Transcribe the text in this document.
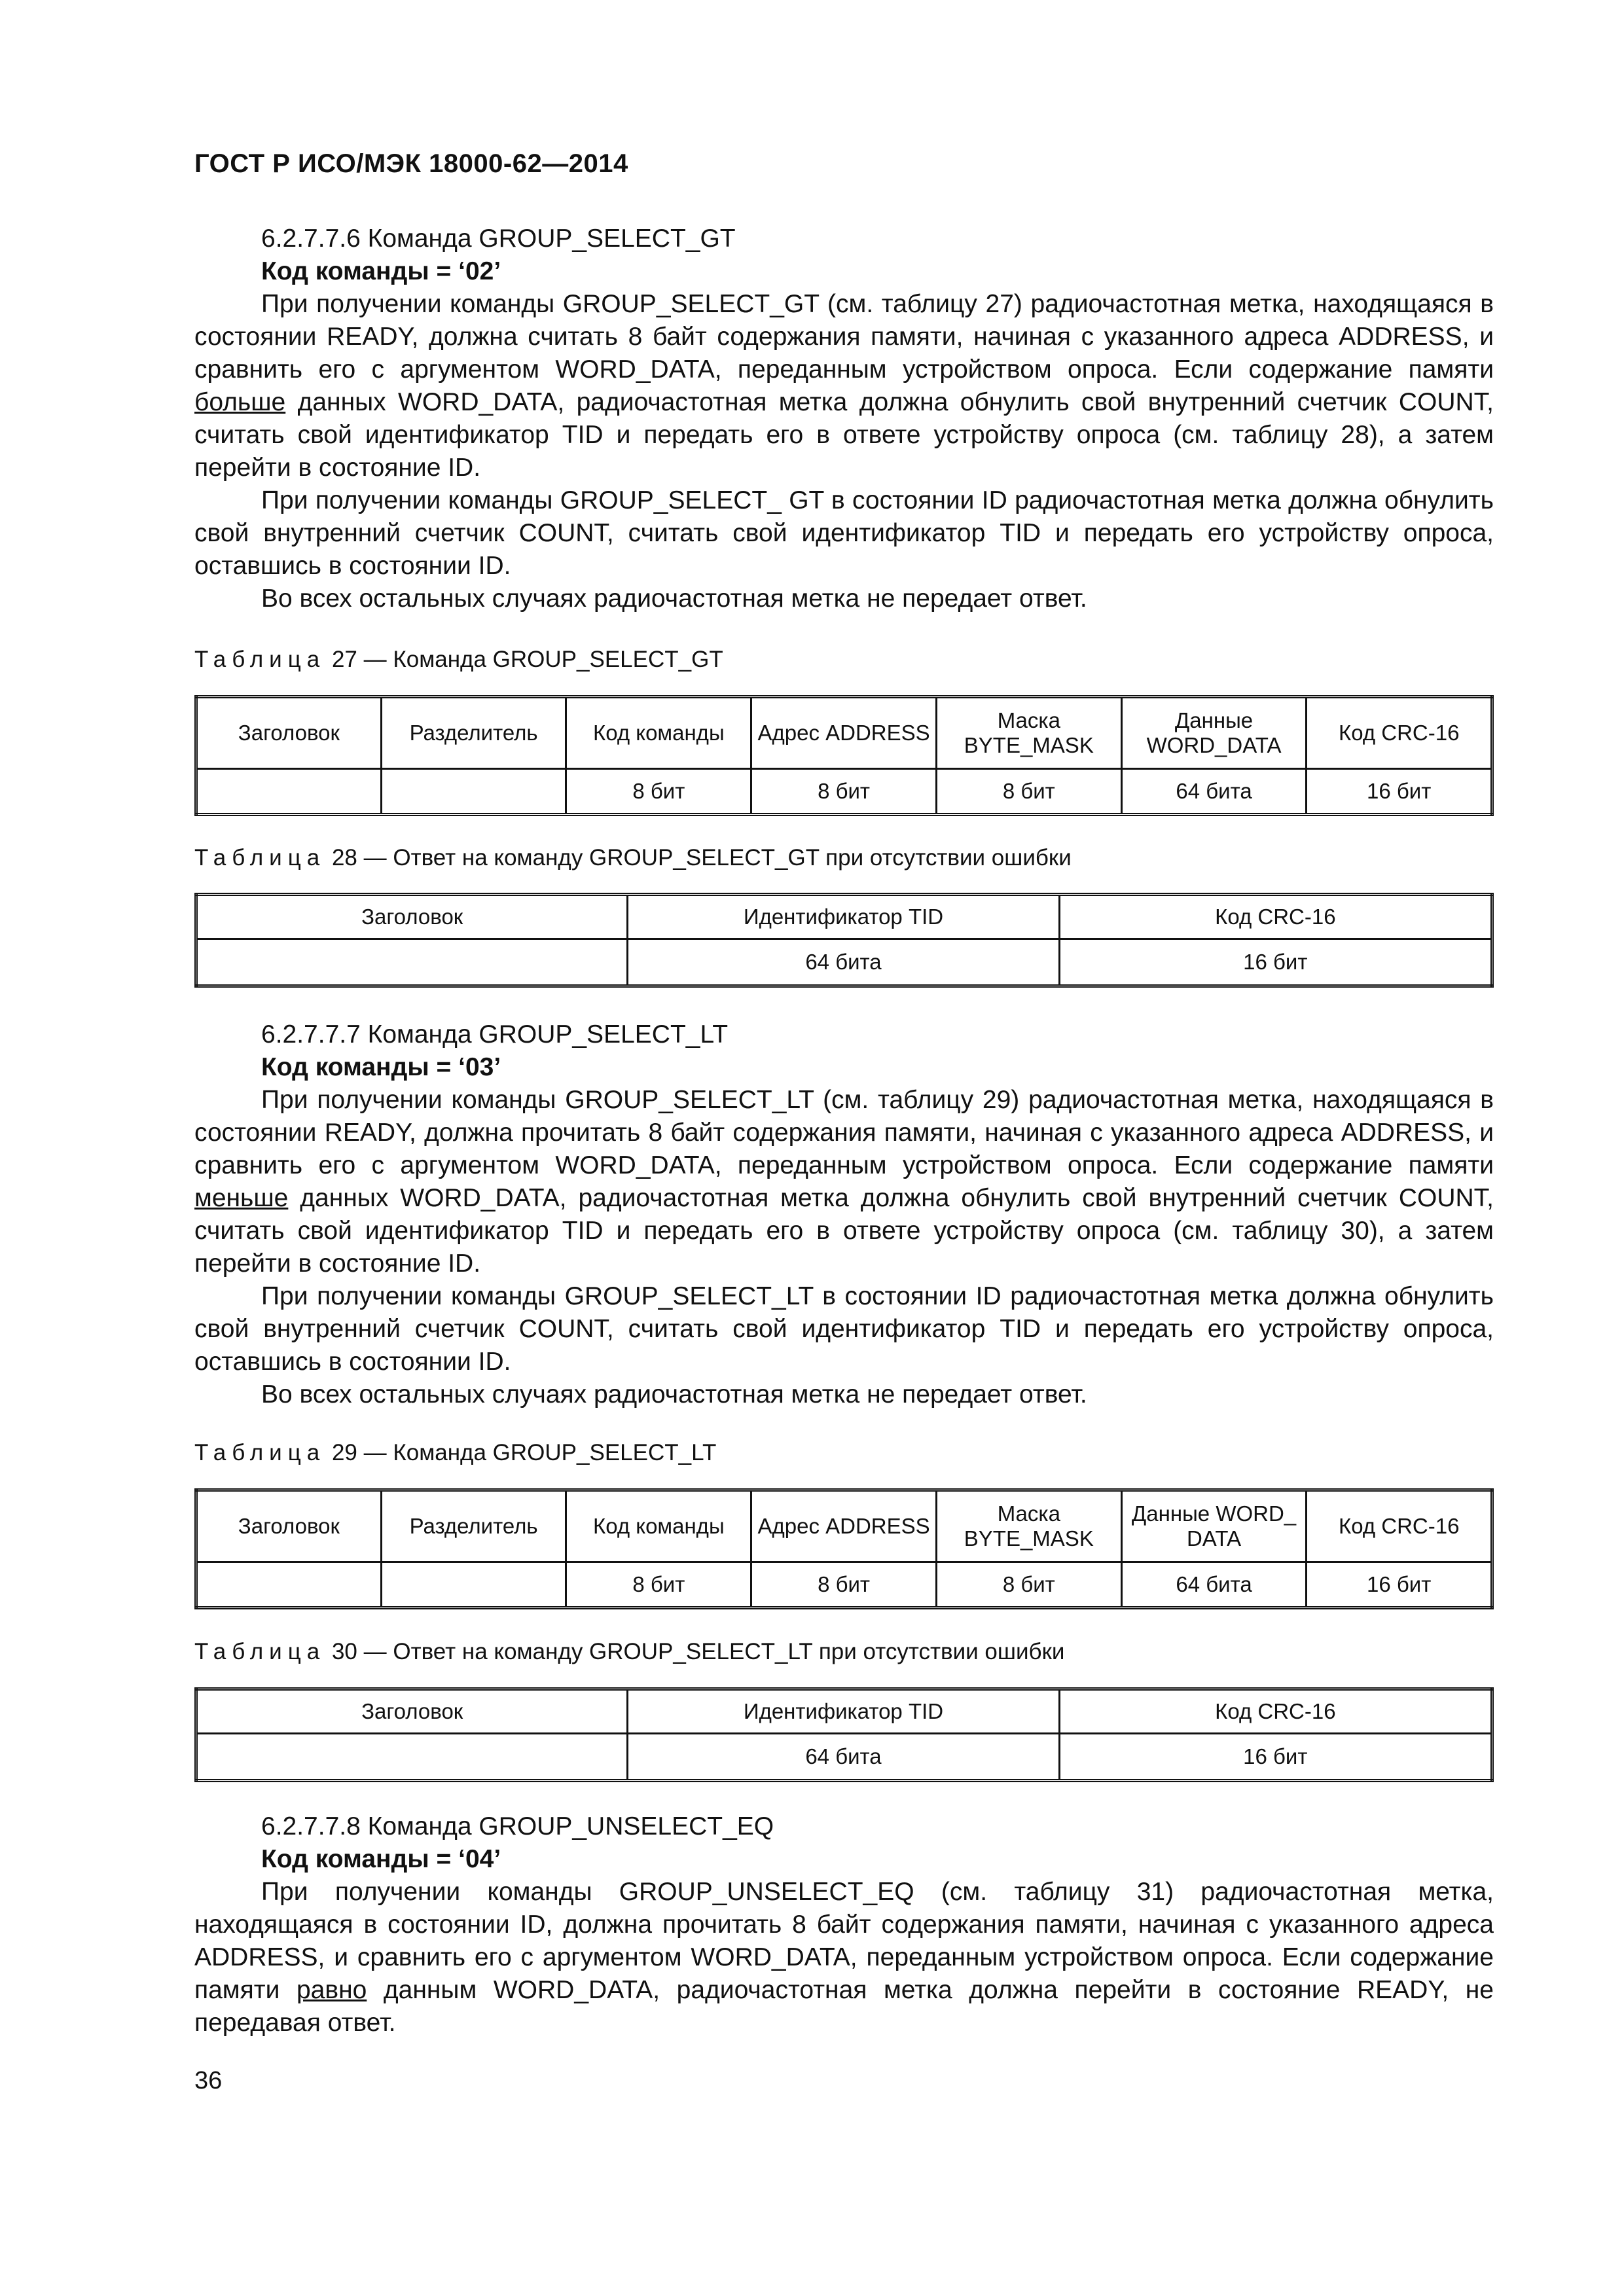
ГОСТ Р ИСО/МЭК 18000-62—2014

6.2.7.7.6 Команда GROUP_SELECT_GT

Код команды = ‘02’

При получении команды GROUP_SELECT_GT (см. таблицу 27) радиочастотная метка, находящаяся в состоянии READY, должна считать 8 байт содержания памяти, начиная с указанного адреса ADDRESS, и сравнить его с аргументом WORD_DATA, переданным устройством опроса. Если содержание памяти больше данных WORD_DATA, радиочастотная метка должна обнулить свой внутренний счетчик COUNT, считать свой идентификатор TID и передать его в ответе устройству опроса (см. таблицу 28), а затем перейти в состояние ID.

При получении команды GROUP_SELECT_ GT в состоянии ID радиочастотная метка должна обнулить свой внутренний счетчик COUNT, считать свой идентификатор TID и передать его устройству опроса, оставшись в состоянии ID.

Во всех остальных случаях радиочастотная метка не передает ответ.

Таблица 27 — Команда GROUP_SELECT_GT
Заголовок	Разделитель	Код команды	Адрес ADDRESS	Маска BYTE_MASK	Данные WORD_DATA	Код CRC-16
		8 бит	8 бит	8 бит	64 бита	16 бит
Таблица 28 — Ответ на команду GROUP_SELECT_GT при отсутствии ошибки
Заголовок	Идентификатор TID	Код CRC-16
	64 бита	16 бит

6.2.7.7.7 Команда GROUP_SELECT_LT

Код команды = ‘03’

При получении команды GROUP_SELECT_LT (см. таблицу 29) радиочастотная метка, находящаяся в состоянии READY, должна прочитать 8 байт содержания памяти, начиная с указанного адреса ADDRESS, и сравнить его с аргументом WORD_DATA, переданным устройством опроса. Если содержание памяти меньше данных WORD_DATA, радиочастотная метка должна обнулить свой внутренний счетчик COUNT, считать свой идентификатор TID и передать его в ответе устройству опроса (см. таблицу 30), а затем перейти в состояние ID.

При получении команды GROUP_SELECT_LT в состоянии ID радиочастотная метка должна обнулить свой внутренний счетчик COUNT, считать свой идентификатор TID и передать его устройству опроса, оставшись в состоянии ID.

Во всех остальных случаях радиочастотная метка не передает ответ.

Таблица 29 — Команда GROUP_SELECT_LT
Заголовок	Разделитель	Код команды	Адрес ADDRESS	Маска BYTE_MASK	Данные WORD_ DATA	Код CRC-16
		8 бит	8 бит	8 бит	64 бита	16 бит
Таблица 30 — Ответ на команду GROUP_SELECT_LT при отсутствии ошибки
Заголовок	Идентификатор TID	Код CRC-16
	64 бита	16 бит

6.2.7.7.8 Команда GROUP_UNSELECT_EQ

Код команды = ‘04’

При получении команды GROUP_UNSELECT_EQ (см. таблицу 31) радиочастотная метка, находящаяся в состоянии ID, должна прочитать 8 байт содержания памяти, начиная с указанного адреса ADDRESS, и сравнить его с аргументом WORD_DATA, переданным устройством опроса. Если содержание памяти равно данным WORD_DATA, радиочастотная метка должна перейти в состояние READY, не передавая ответ.

36
